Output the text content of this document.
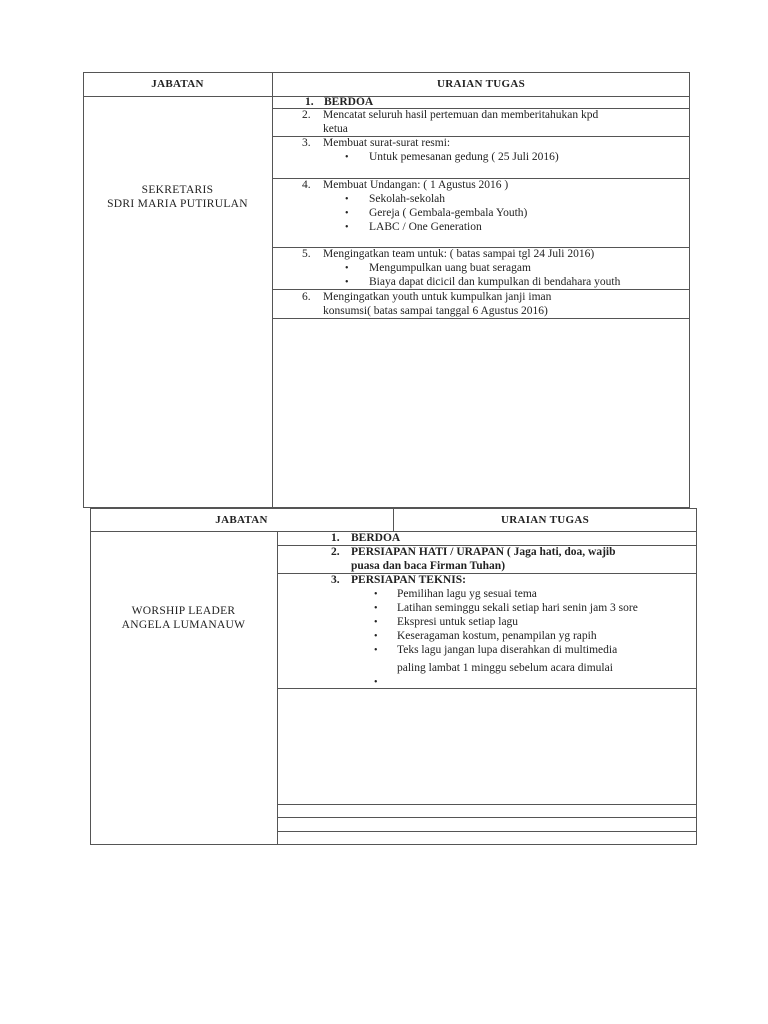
JABATAN	URAIAN TUGAS
SEKRETARIS
SDRI MARIA PUTIRULAN
1. BERDOA
2. Mencatat seluruh hasil pertemuan dan memberitahukan kpd
ketua
3. Membuat surat-surat resmi:
• Untuk pemesanan gedung ( 25 Juli 2016)
4. Membuat Undangan: ( 1 Agustus 2016 )
• Sekolah-sekolah
• Gereja ( Gembala-gembala Youth)
• LABC / One Generation
5. Mengingatkan team untuk: ( batas sampai tgl 24 Juli 2016)
• Mengumpulkan uang buat seragam
• Biaya dapat dicicil dan kumpulkan di bendahara youth
6. Mengingatkan youth untuk kumpulkan janji iman
konsumsi( batas sampai tanggal 6 Agustus 2016)
JABATAN	URAIAN TUGAS
WORSHIP LEADER
ANGELA LUMANAUW
1. BERDOA
2. PERSIAPAN HATI / URAPAN ( Jaga hati, doa, wajib
puasa dan baca Firman Tuhan)
3. PERSIAPAN TEKNIS:
• Pemilihan lagu yg sesuai tema
• Latihan seminggu sekali setiap hari senin jam 3 sore
• Ekspresi untuk setiap lagu
• Keseragaman kostum, penampilan yg rapih
• Teks lagu jangan lupa diserahkan di multimedia
paling lambat 1 minggu sebelum acara dimulai
•
